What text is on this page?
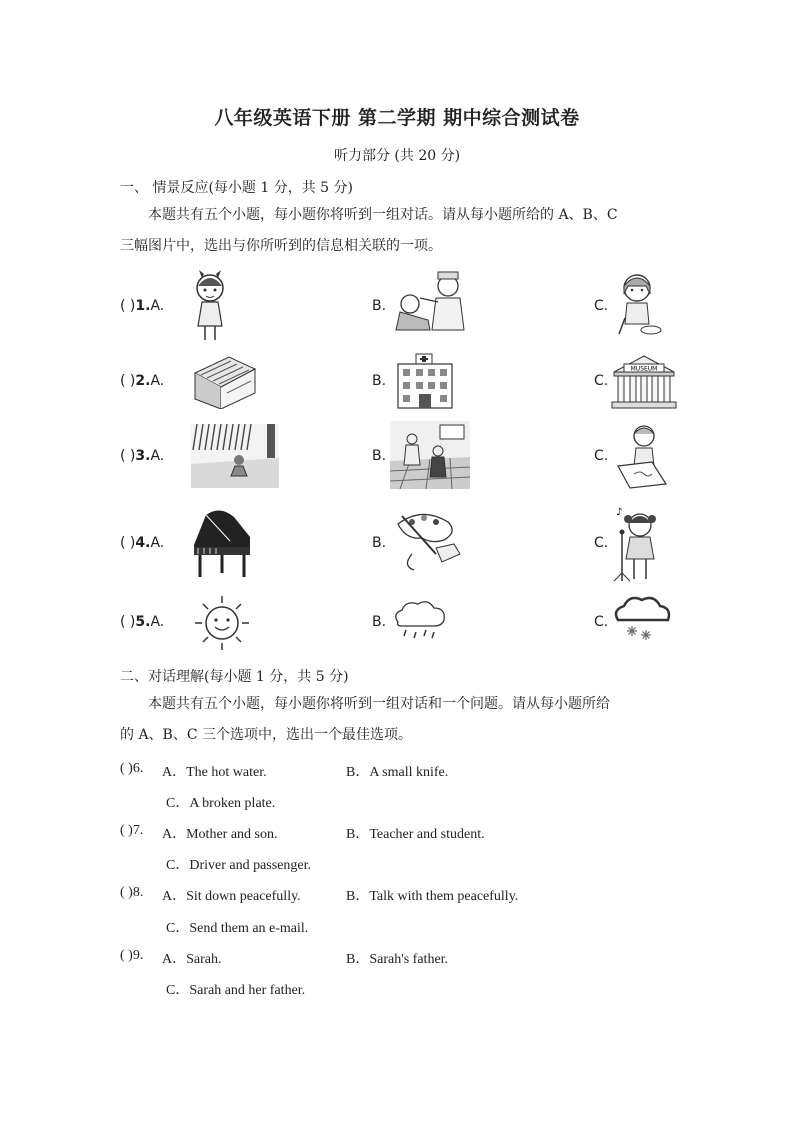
八年级英语下册 第二学期 期中综合测试卷
听力部分 (共 20 分)
一、 情景反应(每小题 1 分，共 5 分)
本题共有五个小题，每小题你将听到一组对话。请从每小题所给的 A、B、C
三幅图片中，选出与你所听到的信息相关联的一项。
( )1.A.	B.	C.
( )2.A.	B.	C.
MUSEUM
( )3.A.	B.	C.
( )4.A.	B.	C.
♪
( )5.A.	B.	C.
二、对话理解(每小题 1 分，共 5 分)
本题共有五个小题，每小题你将听到一组对话和一个问题。请从每小题所给
的 A、B、C 三个选项中，选出一个最佳选项。
( )6. A．The hot water.	B．A small knife.
C．A broken plate.
( )7. A．Mother and son.	B．Teacher and student.
C．Driver and passenger.
( )8. A．Sit down peacefully.	B．Talk with them peacefully.
C．Send them an e-mail.
( )9. A．Sarah.	B．Sarah's father.
C．Sarah and her father.
